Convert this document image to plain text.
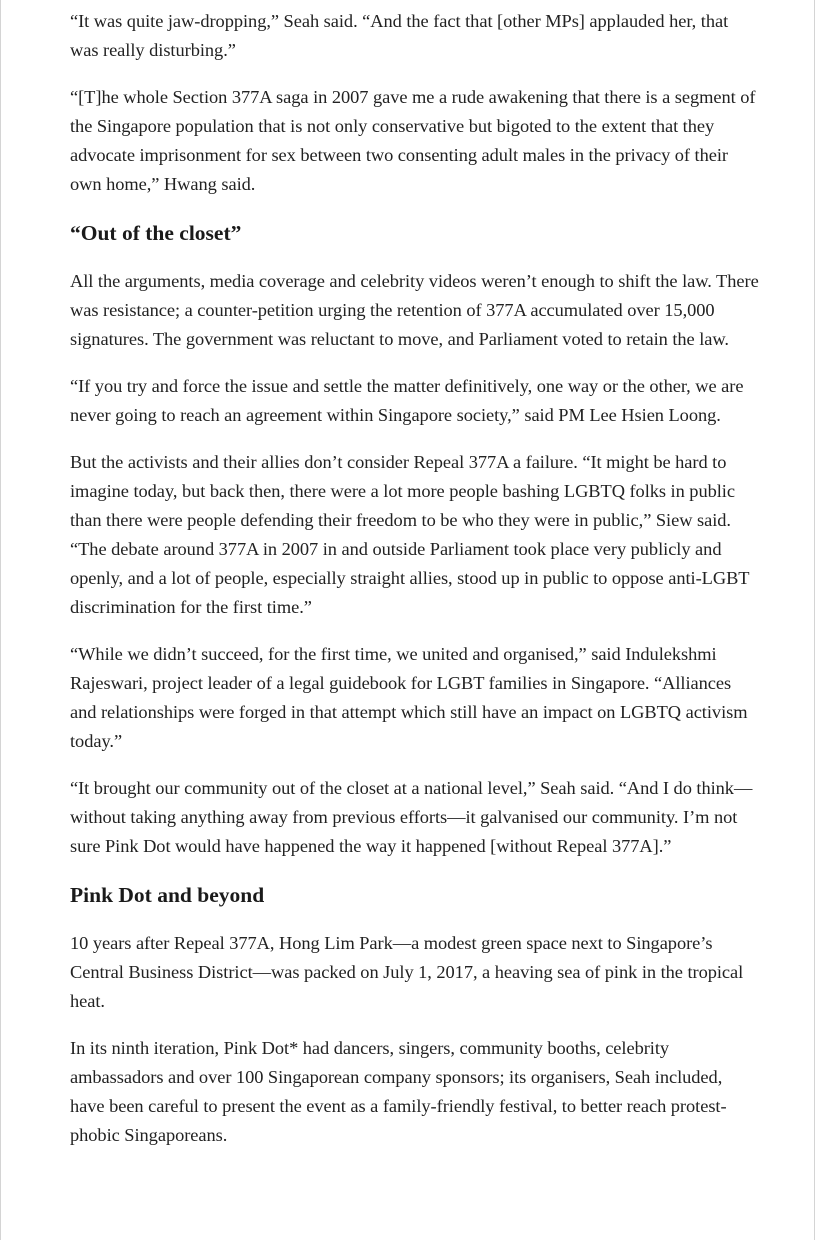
“It was quite jaw-dropping,” Seah said. “And the fact that [other MPs] applauded her, that was really disturbing.”

“[T]he whole Section 377A saga in 2007 gave me a rude awakening that there is a segment of the Singapore population that is not only conservative but bigoted to the extent that they advocate imprisonment for sex between two consenting adult males in the privacy of their own home,” Hwang said.

“Out of the closet”

All the arguments, media coverage and celebrity videos weren’t enough to shift the law. There was resistance; a counter-petition urging the retention of 377A accumulated over 15,000 signatures. The government was reluctant to move, and Parliament voted to retain the law.

“If you try and force the issue and settle the matter definitively, one way or the other, we are never going to reach an agreement within Singapore society,” said PM Lee Hsien Loong.

But the activists and their allies don’t consider Repeal 377A a failure. “It might be hard to imagine today, but back then, there were a lot more people bashing LGBTQ folks in public than there were people defending their freedom to be who they were in public,” Siew said. “The debate around 377A in 2007 in and outside Parliament took place very publicly and openly, and a lot of people, especially straight allies, stood up in public to oppose anti-LGBT discrimination for the first time.”

“While we didn’t succeed, for the first time, we united and organised,” said Indulekshmi Rajeswari, project leader of a legal guidebook for LGBT families in Singapore. “Alliances and relationships were forged in that attempt which still have an impact on LGBTQ activism today.”

“It brought our community out of the closet at a national level,” Seah said. “And I do think—without taking anything away from previous efforts—it galvanised our community. I’m not sure Pink Dot would have happened the way it happened [without Repeal 377A].”

Pink Dot and beyond

10 years after Repeal 377A, Hong Lim Park—a modest green space next to Singapore’s Central Business District—was packed on July 1, 2017, a heaving sea of pink in the tropical heat.

In its ninth iteration, Pink Dot* had dancers, singers, community booths, celebrity ambassadors and over 100 Singaporean company sponsors; its organisers, Seah included, have been careful to present the event as a family-friendly festival, to better reach protest-phobic Singaporeans.
